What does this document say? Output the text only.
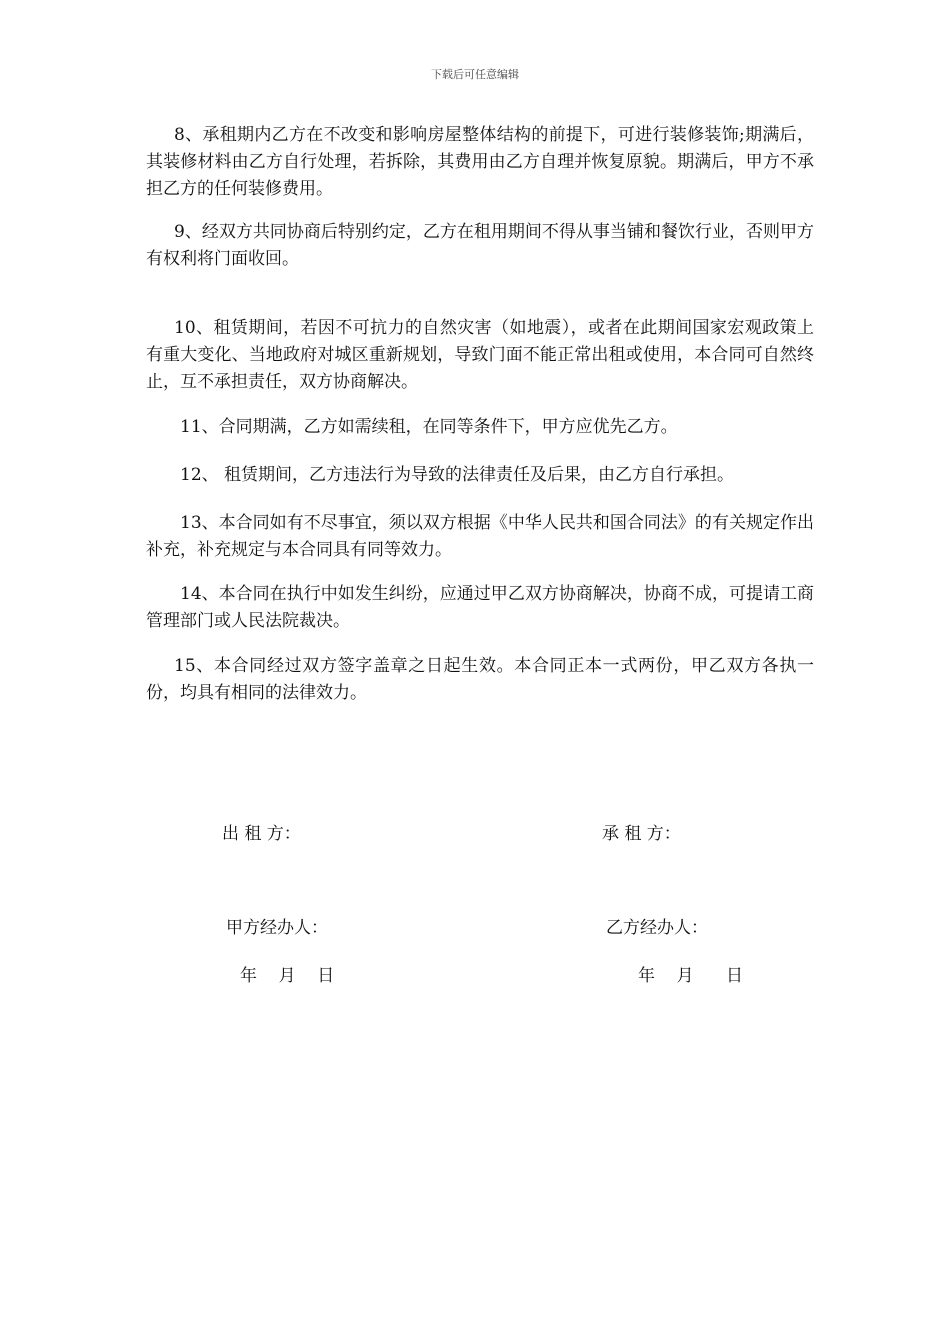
下载后可任意编辑

8、承租期内乙方在不改变和影响房屋整体结构的前提下，可进行装修装饰;期满后，其装修材料由乙方自行处理，若拆除，其费用由乙方自理并恢复原貌。期满后，甲方不承担乙方的任何装修费用。

9、经双方共同协商后特别约定，乙方在租用期间不得从事当铺和餐饮行业，否则甲方有权利将门面收回。

10、租赁期间，若因不可抗力的自然灾害（如地震），或者在此期间国家宏观政策上有重大变化、当地政府对城区重新规划，导致门面不能正常出租或使用，本合同可自然终止，互不承担责任，双方协商解决。

11、合同期满，乙方如需续租，在同等条件下，甲方应优先乙方。

12、 租赁期间，乙方违法行为导致的法律责任及后果，由乙方自行承担。

13、本合同如有不尽事宜，须以双方根据《中华人民共和国合同法》的有关规定作出补充，补充规定与本合同具有同等效力。

14、本合同在执行中如发生纠纷，应通过甲乙双方协商解决，协商不成，可提请工商管理部门或人民法院裁决。

15、本合同经过双方签字盖章之日起生效。本合同正本一式两份，甲乙双方各执一份，均具有相同的法律效力。

出 租 方：	承 租 方：
甲方经办人：	乙方经办人：
年    月    日	年    月      日
